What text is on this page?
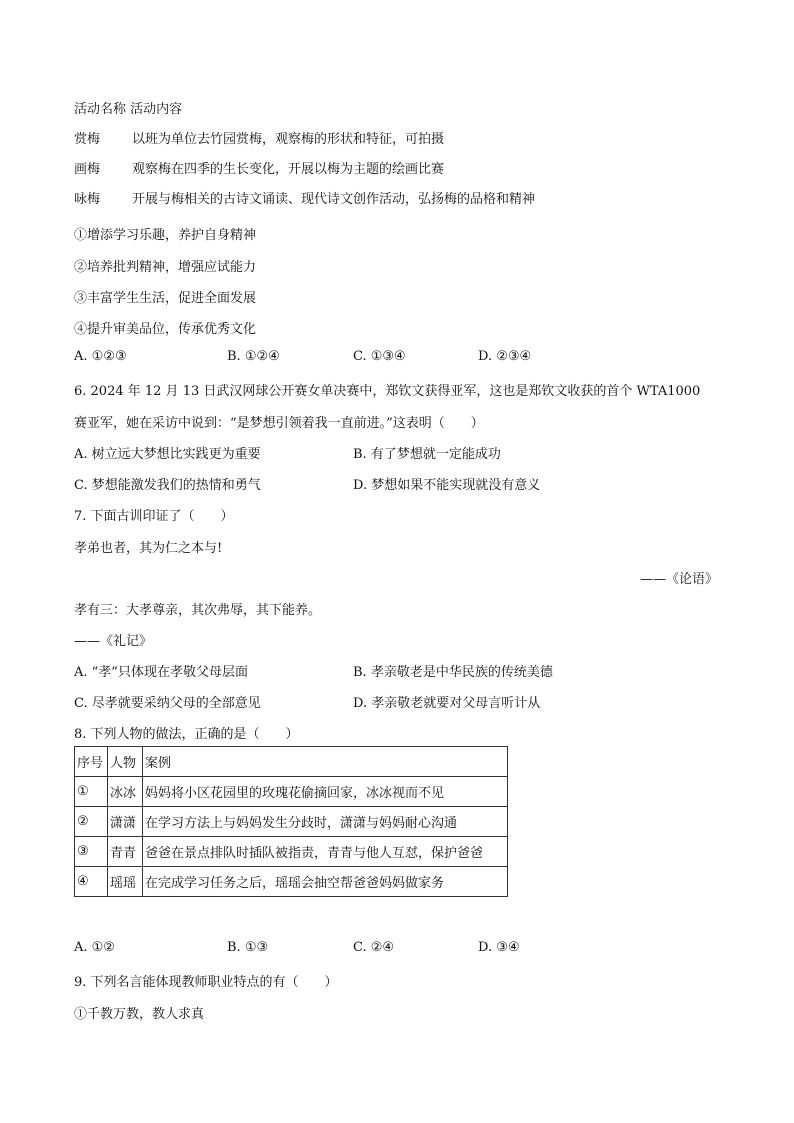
活动名称 活动内容
赏梅 以班为单位去竹园赏梅，观察梅的形状和特征，可拍摄
画梅 观察梅在四季的生长变化，开展以梅为主题的绘画比赛
咏梅 开展与梅相关的古诗文诵读、现代诗文创作活动，弘扬梅的品格和精神
①增添学习乐趣，养护自身精神
②培养批判精神，增强应试能力
③丰富学生生活，促进全面发展
④提升审美品位，传承优秀文化
A. ①②③	B. ①②④	C. ①③④	D. ②③④
6. 2024 年 12 月 13 日武汉网球公开赛女单决赛中，郑钦文获得亚军，这也是郑钦文收获的首个 WTA1000
赛亚军，她在采访中说到：“是梦想引领着我一直前进。”这表明（　　）
A. 树立远大梦想比实践更为重要	B. 有了梦想就一定能成功
C. 梦想能激发我们的热情和勇气	D. 梦想如果不能实现就没有意义
7. 下面古训印证了（　　）
孝弟也者，其为仁之本与!
——《论语》
孝有三：大孝尊亲，其次弗辱，其下能养。
——《礼记》
A. “孝”只体现在孝敬父母层面	B. 孝亲敬老是中华民族的传统美德
C. 尽孝就要采纳父母的全部意见	D. 孝亲敬老就要对父母言听计从
8. 下列人物的做法，正确的是（　　）
序号	人物	案例
①	冰冰	妈妈将小区花园里的玫瑰花偷摘回家，冰冰视而不见
②	潇潇	在学习方法上与妈妈发生分歧时，潇潇与妈妈耐心沟通
③	青青	爸爸在景点排队时插队被指责，青青与他人互怼，保护爸爸
④	瑶瑶	在完成学习任务之后，瑶瑶会抽空帮爸爸妈妈做家务
A. ①②	B. ①③	C. ②④	D. ③④
9. 下列名言能体现教师职业特点的有（　　）
①千教万教，教人求真
